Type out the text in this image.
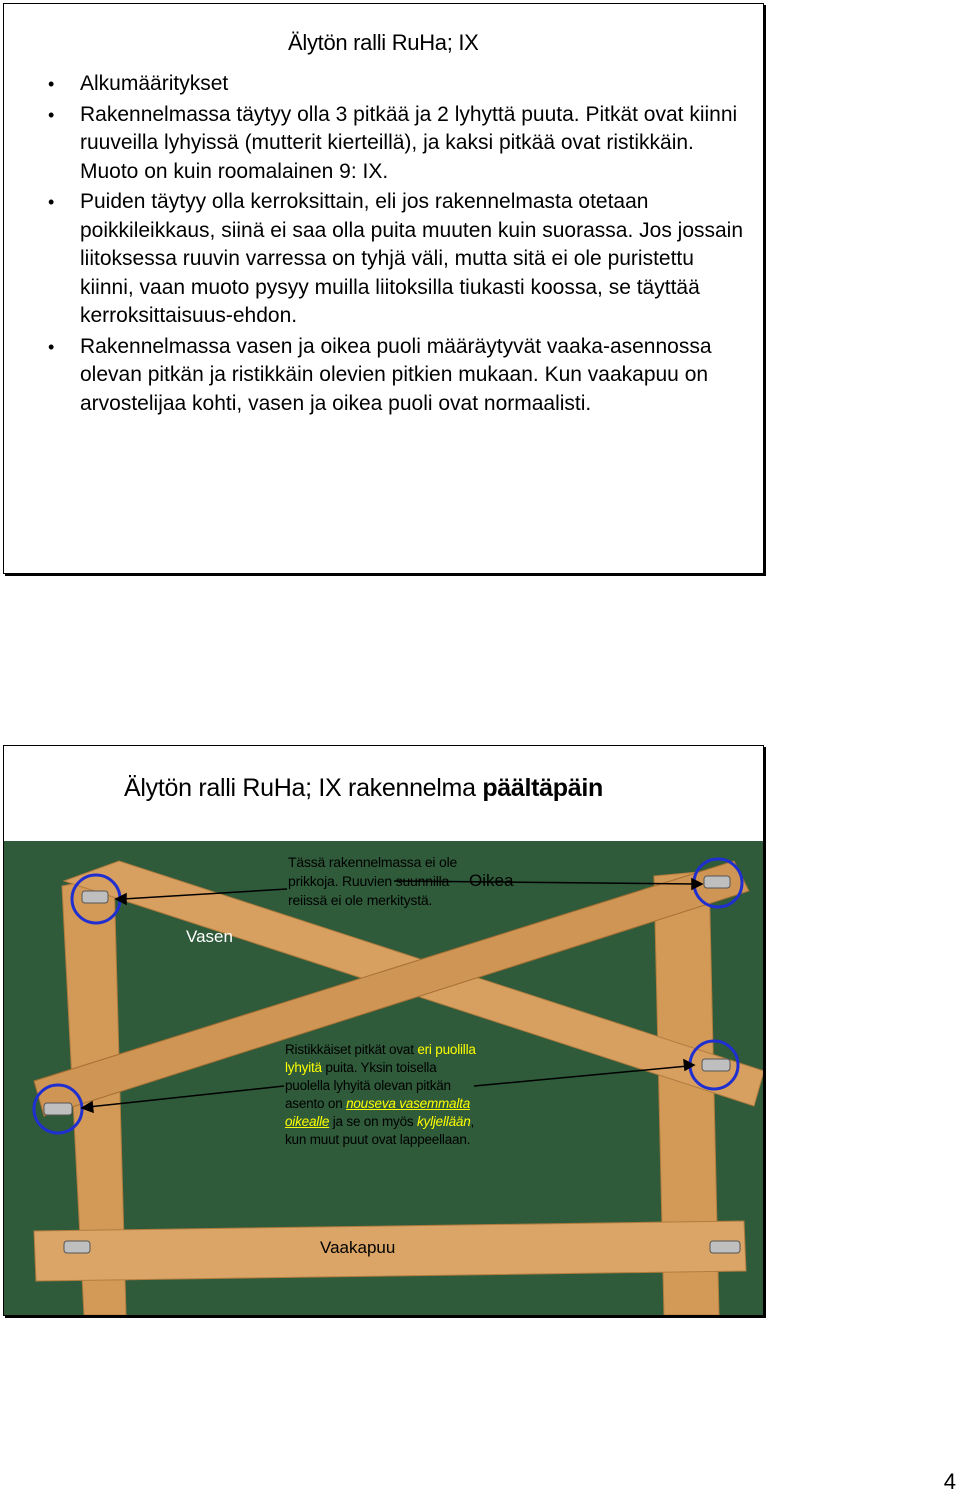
Älytön ralli RuHa; IX
• Alkumääritykset
• Rakennelmassa täytyy olla 3 pitkää ja 2 lyhyttä puuta. Pitkät ovat kiinni ruuveilla lyhyissä (mutterit kierteillä), ja kaksi pitkää ovat ristikkäin. Muoto on kuin roomalainen 9: IX.
• Puiden täytyy olla kerroksittain, eli jos rakennelmasta otetaan poikkileikkaus, siinä ei saa olla puita muuten kuin suorassa. Jos jossain liitoksessa ruuvin varressa on tyhjä väli, mutta sitä ei ole puristettu kiinni, vaan muoto pysyy muilla liitoksilla tiukasti koossa, se täyttää kerroksittaisuus-ehdon.
• Rakennelmassa vasen ja oikea puoli määräytyvät vaaka-asennossa olevan pitkän ja ristikkäin olevien pitkien mukaan. Kun vaakapuu on arvostelijaa kohti, vasen ja oikea puoli ovat normaalisti.
Älytön ralli RuHa; IX rakennelma päältäpäin
Tässä rakennelmassa ei ole prikkoja. Ruuvien suunnilla reiissä ei ole merkitystä.
Vasen
Oikea
Ristikkäiset pitkät ovat eri puolilla lyhyitä puita. Yksin toisella puolella lyhyitä olevan pitkän asento on nouseva vasemmalta oikealle ja se on myös kyljellään, kun muut puut ovat lappeellaan.
Vaakapuu
4
